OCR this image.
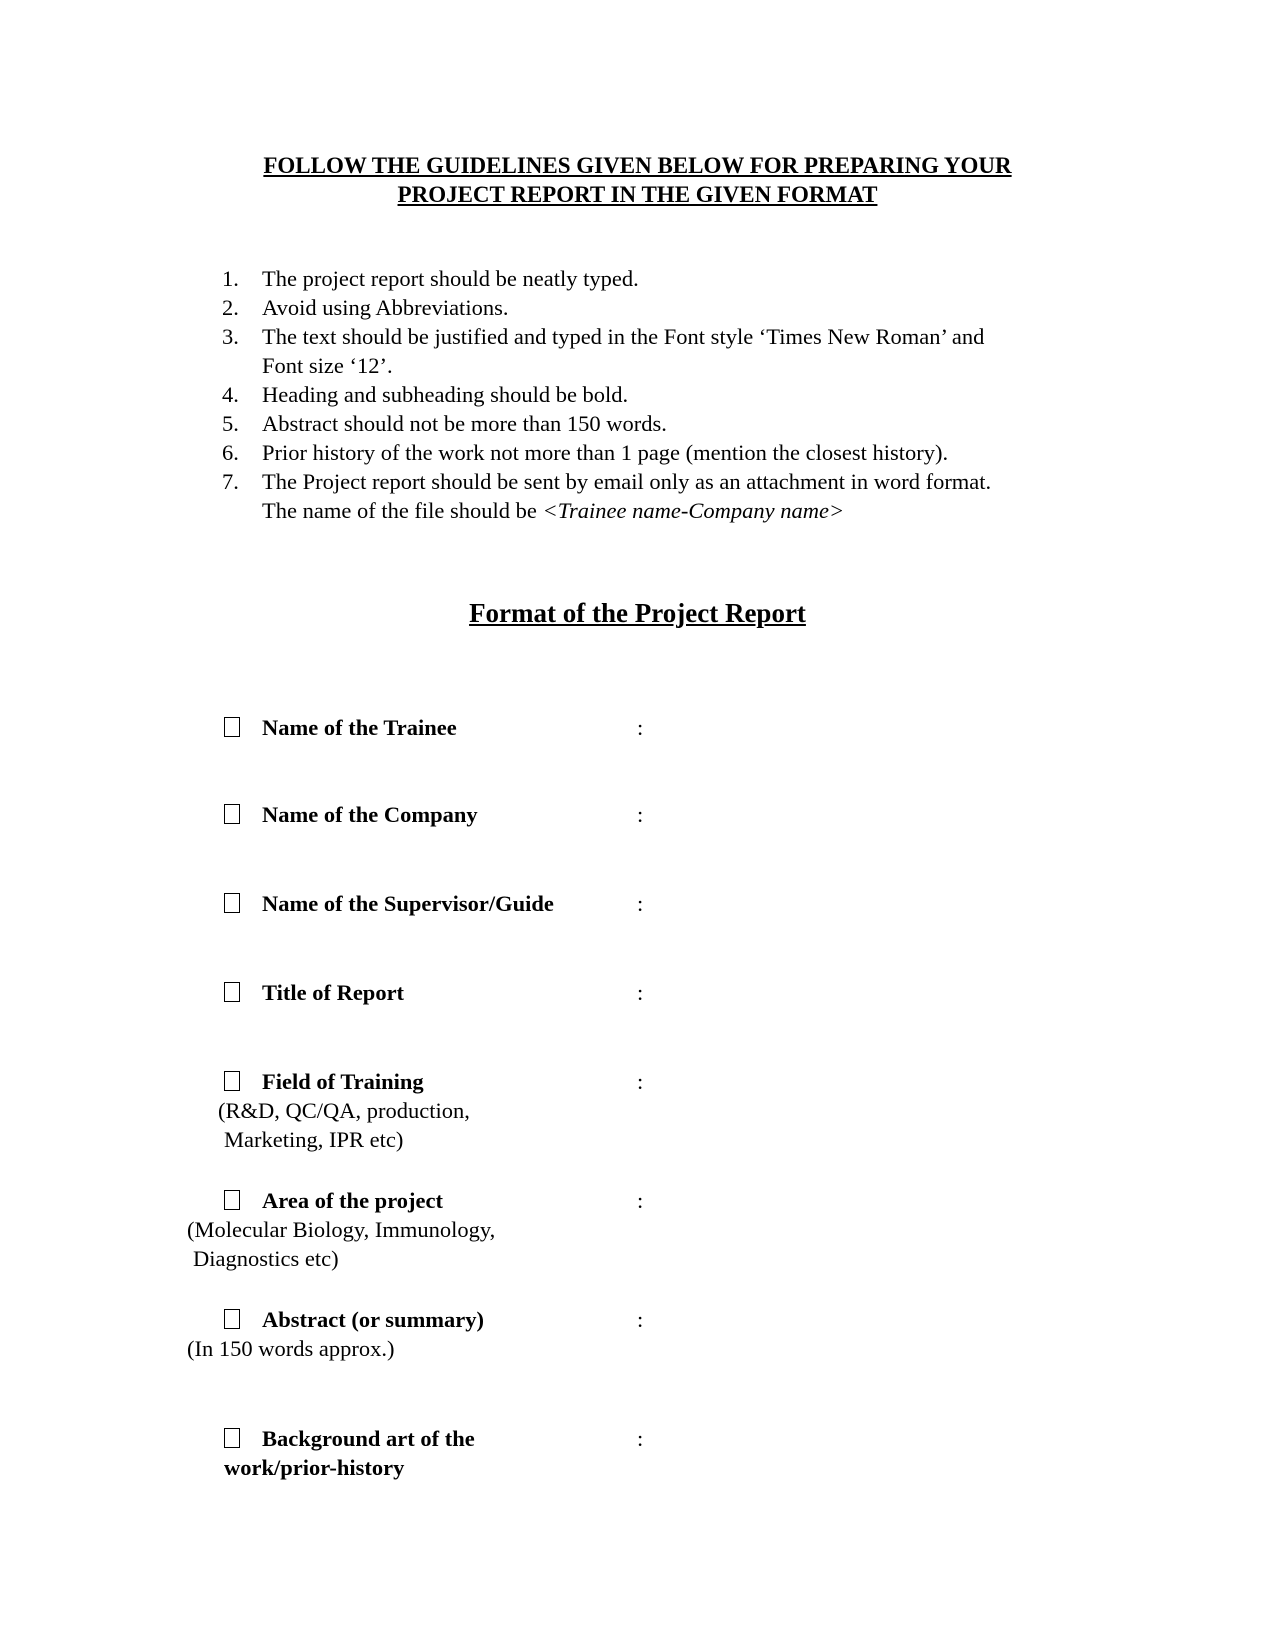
FOLLOW THE GUIDELINES GIVEN BELOW FOR PREPARING YOUR
PROJECT REPORT IN THE GIVEN FORMAT
1. The project report should be neatly typed.
2. Avoid using Abbreviations.
3. The text should be justified and typed in the Font style ‘Times New Roman’ and
Font size ‘12’.
4. Heading and subheading should be bold.
5. Abstract should not be more than 150 words.
6. Prior history of the work not more than 1 page (mention the closest history).
7. The Project report should be sent by email only as an attachment in word format.
The name of the file should be <Trainee name-Company name>
Format of the Project Report
Name of the Trainee	:
Name of the Company	:
Name of the Supervisor/Guide	:
Title of Report	:
Field of Training	:
(R&D, QC/QA, production,
Marketing, IPR etc)
Area of the project	:
(Molecular Biology, Immunology,
Diagnostics etc)
Abstract (or summary)	:
(In 150 words approx.)
Background art of the	:
work/prior-history
